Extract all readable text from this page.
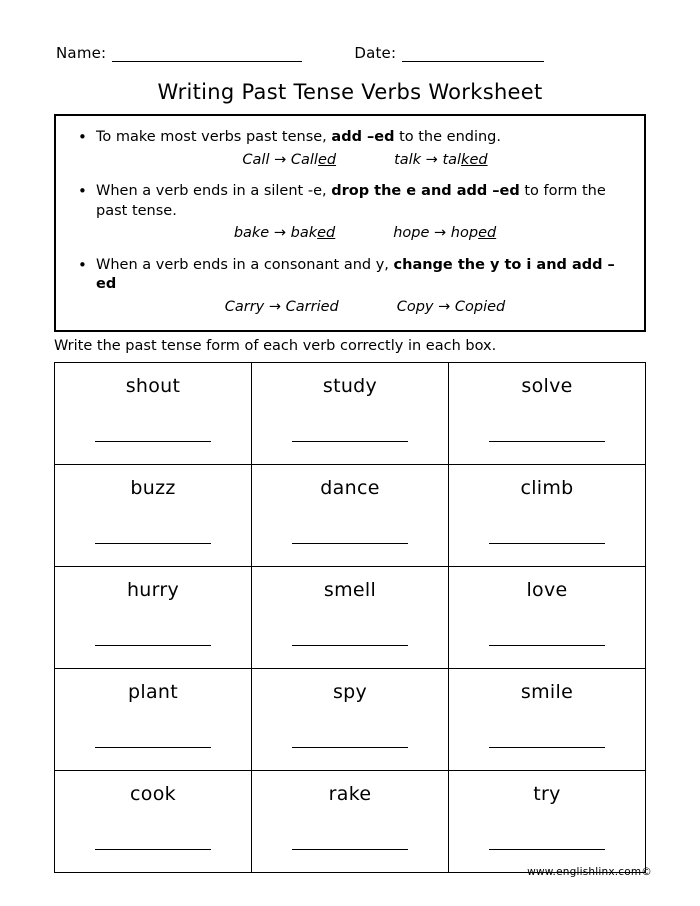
Name:	Date:
Writing Past Tense Verbs Worksheet
• To make most verbs past tense, add –ed to the ending.
Call → Called	talk → talked
• When a verb ends in a silent -e, drop the e and add –ed to form the past tense.
bake → baked	hope → hoped
• When a verb ends in a consonant and y, change the y to i and add –ed
Carry → Carried	Copy → Copied
Write the past tense form of each verb correctly in each box.
shout	study	solve

buzz	dance	climb

hurry	smell	love

plant	spy	smile

cook	rake	try
www.englishlinx.com©
